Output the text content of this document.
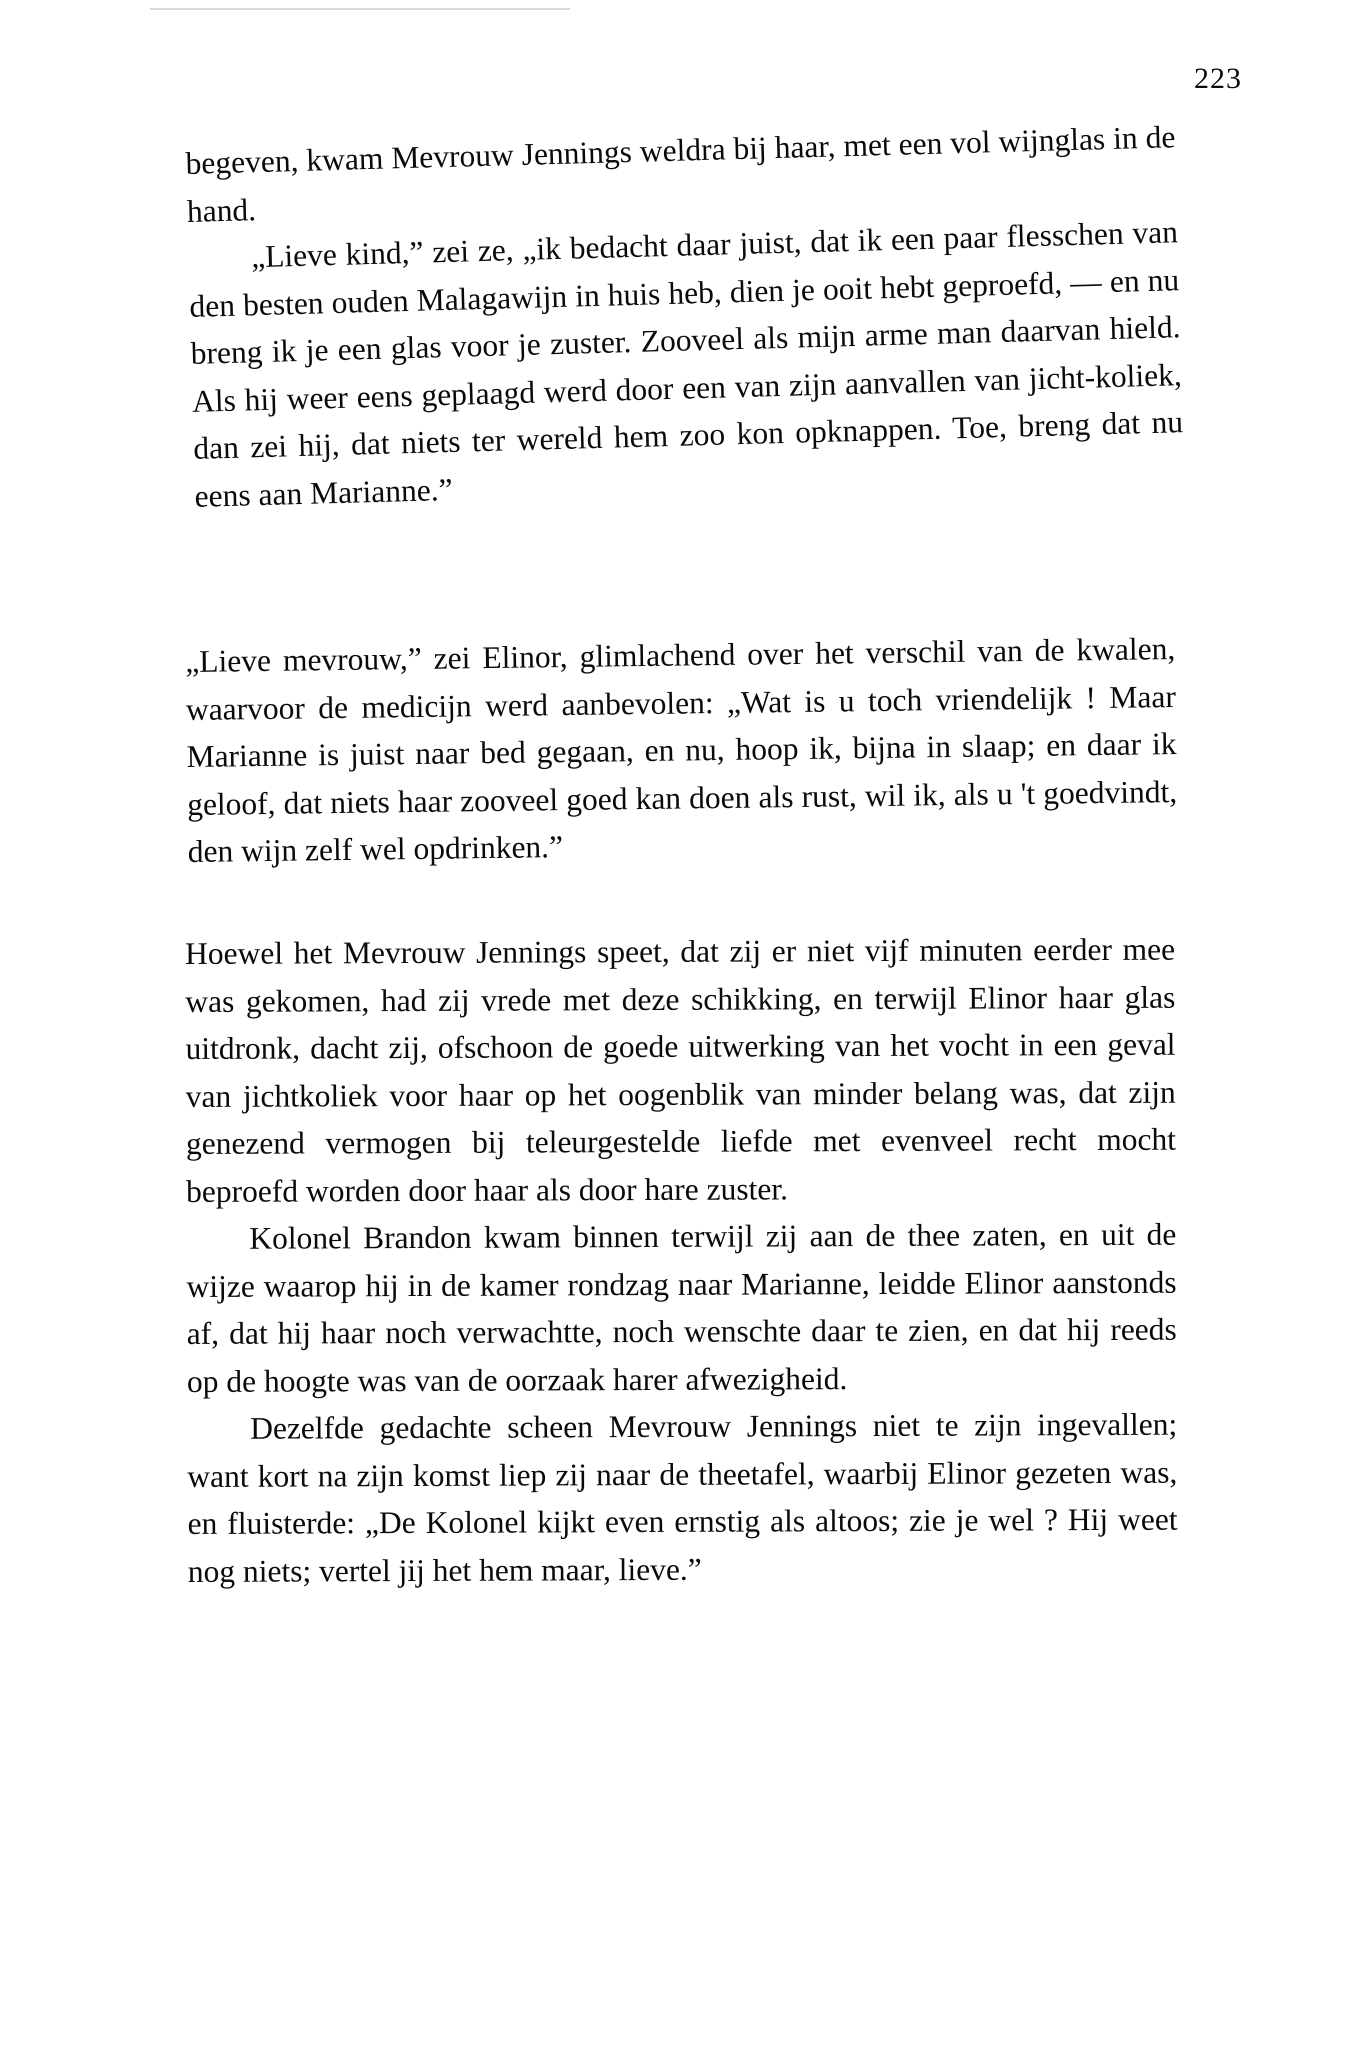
223

begeven, kwam Mevrouw Jennings weldra bij haar, met een vol wijnglas in de hand.

„Lieve kind,” zei ze, „ik bedacht daar juist, dat ik een paar flesschen van den besten ouden Malagawijn in huis heb, dien je ooit hebt geproefd, — en nu breng ik je een glas voor je zuster. Zooveel als mijn arme man daarvan hield. Als hij weer eens geplaagd werd door een van zijn aanvallen van jicht-koliek, dan zei hij, dat niets ter wereld hem zoo kon opknappen. Toe, breng dat nu eens aan Marianne.”

„Lieve mevrouw,” zei Elinor, glimlachend over het verschil van de kwalen, waarvoor de medicijn werd aanbevolen: „Wat is u toch vriendelijk ! Maar Marianne is juist naar bed gegaan, en nu, hoop ik, bijna in slaap; en daar ik geloof, dat niets haar zooveel goed kan doen als rust, wil ik, als u 't goedvindt, den wijn zelf wel opdrinken.”

Hoewel het Mevrouw Jennings speet, dat zij er niet vijf minuten eerder mee was gekomen, had zij vrede met deze schikking, en terwijl Elinor haar glas uitdronk, dacht zij, ofschoon de goede uitwerking van het vocht in een geval van jichtkoliek voor haar op het oogenblik van minder belang was, dat zijn genezend vermogen bij teleurgestelde liefde met evenveel recht mocht beproefd worden door haar als door hare zuster.

Kolonel Brandon kwam binnen terwijl zij aan de thee zaten, en uit de wijze waarop hij in de kamer rondzag naar Marianne, leidde Elinor aanstonds af, dat hij haar noch verwachtte, noch wenschte daar te zien, en dat hij reeds op de hoogte was van de oorzaak harer afwezigheid.

Dezelfde gedachte scheen Mevrouw Jennings niet te zijn ingevallen; want kort na zijn komst liep zij naar de theetafel, waarbij Elinor gezeten was, en fluisterde: „De Kolonel kijkt even ernstig als altoos; zie je wel ? Hij weet nog niets; vertel jij het hem maar, lieve.”
